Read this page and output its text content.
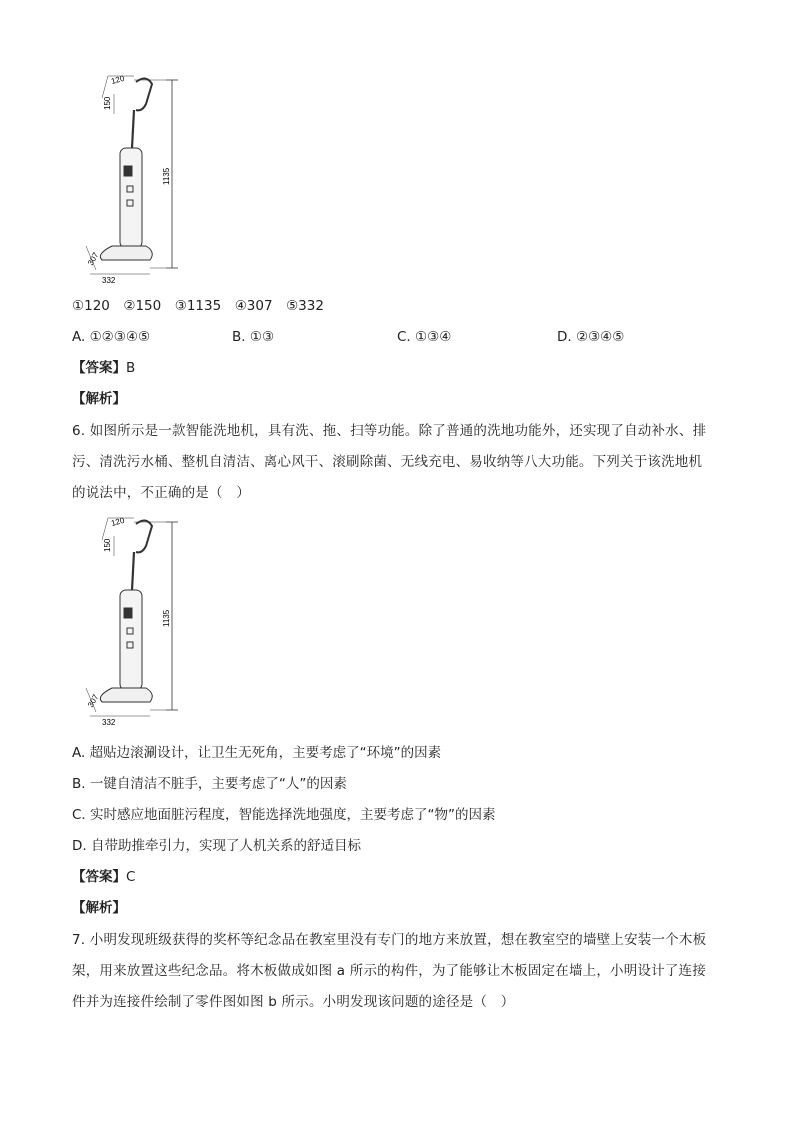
120
150
1135
307
332
①120　②150　③1135　④307　⑤332
A. ①②③④⑤	B. ①③	C. ①③④	D. ②③④⑤
【答案】B
【解析】
6. 如图所示是一款智能洗地机，具有洗、拖、扫等功能。除了普通的洗地功能外，还实现了自动补水、排
污、清洗污水桶、整机自清洁、离心风干、滚刷除菌、无线充电、易收纳等八大功能。下列关于该洗地机
的说法中，不正确的是（　）
120
150
1135
307
332
A. 超贴边滚涮设计，让卫生无死角，主要考虑了“环境”的因素
B. 一键自清洁不脏手，主要考虑了“人”的因素
C. 实时感应地面脏污程度，智能选择洗地强度，主要考虑了“物”的因素
D. 自带助推牵引力，实现了人机关系的舒适目标
【答案】C
【解析】
7. 小明发现班级获得的奖杯等纪念品在教室里没有专门的地方来放置，想在教室空的墙壁上安装一个木板
架，用来放置这些纪念品。将木板做成如图 a 所示的构件，为了能够让木板固定在墙上，小明设计了连接
件并为连接件绘制了零件图如图 b 所示。小明发现该问题的途径是（　）
